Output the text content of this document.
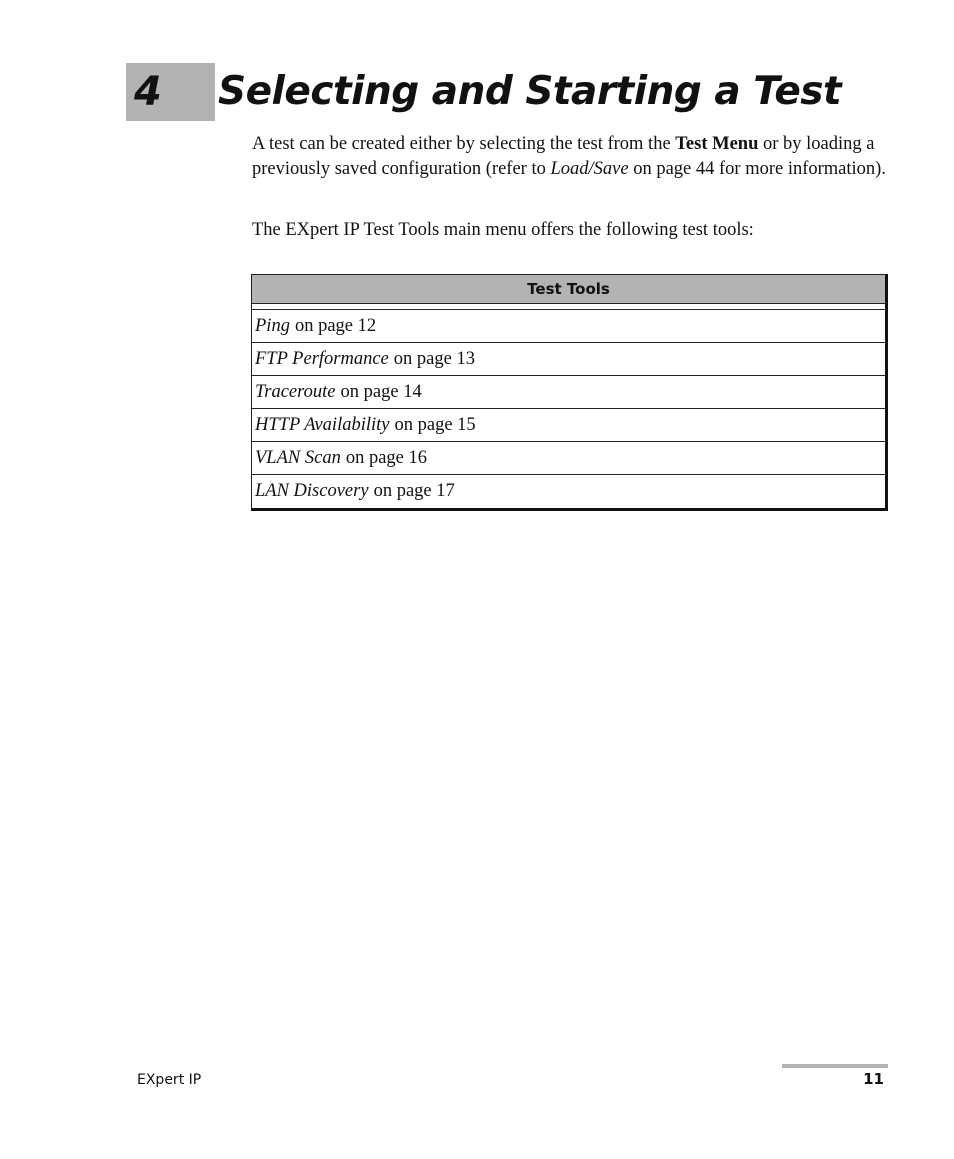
4 Selecting and Starting a Test

A test can be created either by selecting the test from the Test Menu or by loading a previously saved configuration (refer to Load/Save on page 44 for more information).

The EXpert IP Test Tools main menu offers the following test tools:

Test Tools
Ping on page 12
FTP Performance on page 13
Traceroute on page 14
HTTP Availability on page 15
VLAN Scan on page 16
LAN Discovery on page 17
EXpert IP	11
